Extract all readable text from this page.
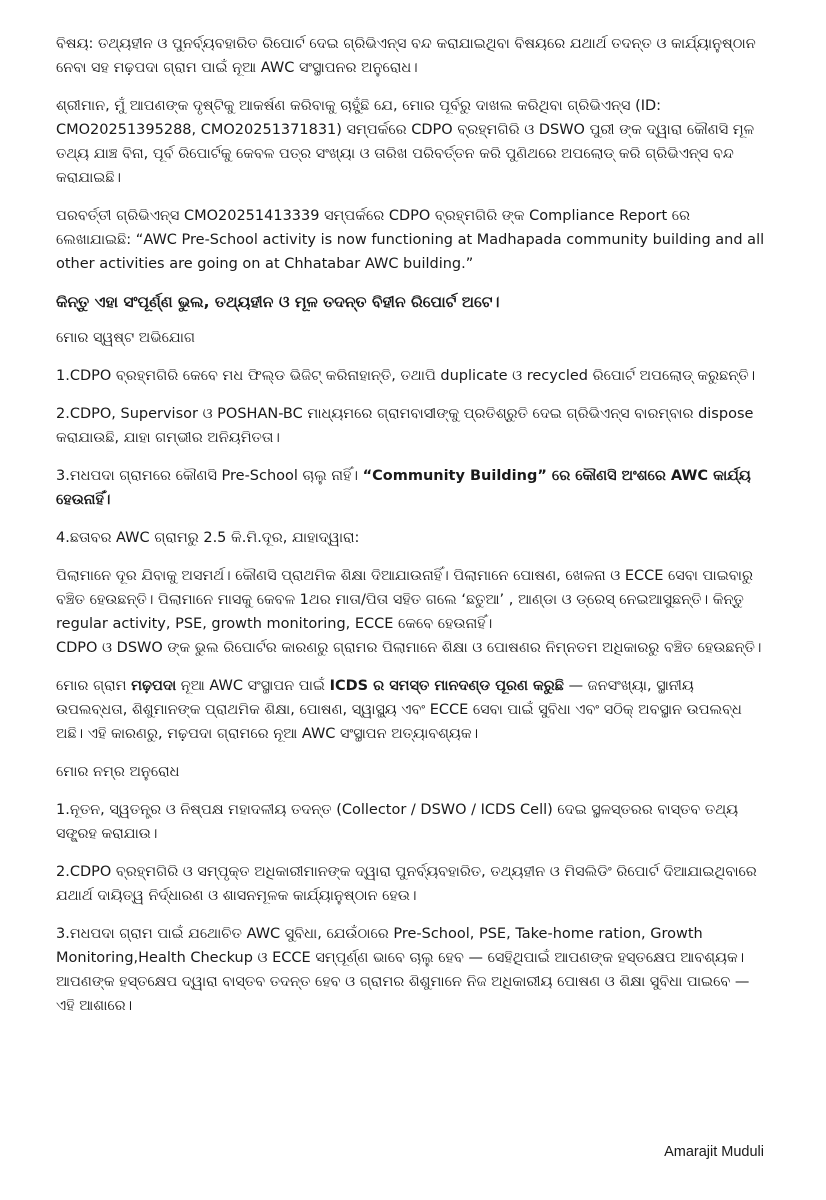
ବିଷୟ: ତଥ୍ୟହୀନ ଓ ପୁନର୍ବ୍ୟବହାରିତ ରିପୋର୍ଟ ଦେଇ ଗ୍ରିଭିଏନ୍ସ ବନ୍ଦ କରାଯାଇଥିବା ବିଷୟରେ ଯଥାର୍ଥ ତଦନ୍ତ ଓ କାର୍ଯ୍ୟାନୁଷ୍ଠାନ ନେବା ସହ ମଢ଼ପଦା ଗ୍ରାମ ପାଇଁ ନୂଆ AWC ସଂସ୍ଥାପନର ଅନୁରୋଧ।

ଶ୍ରୀମାନ, ମୁଁ ଆପଣଙ୍କ ଦୃଷ୍ଟିକୁ ଆକର୍ଷଣ କରିବାକୁ ଚାହୁଁଛି ଯେ, ମୋର ପୂର୍ବରୁ ଦାଖଲ କରିଥିବା ଗ୍ରିଭିଏନ୍ସ (ID: CMO20251395288, CMO20251371831) ସମ୍ପର୍କରେ CDPO ବ୍ରହ୍ମଗିରି ଓ DSWO ପୁରୀ ଙ୍କ ଦ୍ୱାରା କୌଣସି ମୂଳ ତଥ୍ୟ ଯାଞ୍ଚ ବିନା, ପୂର୍ବ ରିପୋର୍ଟକୁ କେବଳ ପତ୍ର ସଂଖ୍ୟା ଓ ତାରିଖ ପରିବର୍ତ୍ତନ କରି ପୁଣିଥରେ ଅପଲୋଡ୍ କରି ଗ୍ରିଭିଏନ୍ସ ବନ୍ଦ କରାଯାଇଛି।

ପରବର୍ତ୍ତୀ ଗ୍ରିଭିଏନ୍ସ CMO20251413339 ସମ୍ପର୍କରେ CDPO ବ୍ରହ୍ମଗିରି ଙ୍କ Compliance Report ରେ ଲେଖାଯାଇଛି: “AWC Pre-School activity is now functioning at Madhapada community building and all other activities are going on at Chhatabar AWC building.”

କିନ୍ତୁ ଏହା ସଂପୂର୍ଣ୍ଣ ଭୁଲ, ତଥ୍ୟହୀନ ଓ ମୂଳ ତଦନ୍ତ ବିହୀନ ରିପୋର୍ଟ ଅଟେ।

ମୋର ସ୍ୱଷ୍ଟ ଅଭିଯୋଗ

1.CDPO ବ୍ରହ୍ମଗିରି କେବେ ମଧ ଫିଲ୍ଡ ଭିଜିଟ୍ କରିନାହାନ୍ତି, ତଥାପି duplicate ଓ recycled ରିପୋର୍ଟ ଅପଲୋଡ୍ କରୁଛନ୍ତି।

2.CDPO, Supervisor ଓ POSHAN-BC ମାଧ୍ୟମରେ ଗ୍ରାମବାସୀଙ୍କୁ ପ୍ରତିଶ୍ରୁତି ଦେଇ ଗ୍ରିଭିଏନ୍ସ ବାରମ୍ବାର dispose କରାଯାଉଛି, ଯାହା ଗମ୍ଭୀର ଅନିୟମିତତା।

3.ମଧପଦା ଗ୍ରାମରେ କୌଣସି Pre-School ଚାଲୁ ନାହିଁ। “Community Building” ରେ କୌଣସି ଅଂଶରେ AWC କାର୍ଯ୍ୟ ହେଉନାହିଁ।

4.ଛତାବର AWC ଗ୍ରାମରୁ 2.5 କି.ମି.ଦୂର, ଯାହାଦ୍ୱାରା:

ପିଲାମାନେ ଦୂର ଯିବାକୁ ଅସମର୍ଥ। କୌଣସି ପ୍ରାଥମିକ ଶିକ୍ଷା ଦିଆଯାଉନାହିଁ। ପିଲାମାନେ ପୋଷଣ, ଖେଳନା ଓ ECCE ସେବା ପାଇବାରୁ ବଞ୍ଚିତ ହେଉଛନ୍ତି। ପିଲାମାନେ ମାସକୁ କେବଳ 1ଥର ମାତା/ପିତା ସହିତ ଗଲେ ‘ଛତୁଆ’ , ଆଣ୍ଡା ଓ ଡ୍ରେସ୍ ନେଇଆସୁଛନ୍ତି। କିନ୍ତୁ regular activity, PSE, growth monitoring, ECCE କେବେ ହେଉନାହିଁ।

CDPO ଓ DSWO ଙ୍କ ଭୁଲ ରିପୋର୍ଟର କାରଣରୁ ଗ୍ରାମର ପିଲାମାନେ ଶିକ୍ଷା ଓ ପୋଷଣର ନିମ୍ନତମ ଅଧିକାରରୁ ବଞ୍ଚିତ ହେଉଛନ୍ତି।

ମୋର ଗ୍ରାମ ମଢ଼ପଦା ନୂଆ AWC ସଂସ୍ଥାପନ ପାଇଁ ICDS ର ସମସ୍ତ ମାନଦଣ୍ଡ ପୂରଣ କରୁଛି — ଜନସଂଖ୍ୟା, ସ୍ଥାନୀୟ ଉପଲବ୍ଧତା, ଶିଶୁମାନଙ୍କ ପ୍ରାଥମିକ ଶିକ୍ଷା, ପୋଷଣ, ସ୍ୱାସ୍ଥ୍ୟ ଏବଂ ECCE ସେବା ପାଇଁ ସୁବିଧା ଏବଂ ସଠିକ୍ ଅବସ୍ଥାନ ଉପଲବ୍ଧ ଅଛି। ଏହି କାରଣରୁ, ମଢ଼ପଦା ଗ୍ରାମରେ ନୂଆ AWC ସଂସ୍ଥାପନ ଅତ୍ୟାବଶ୍ୟକ।

ମୋର ନମ୍ର ଅନୁରୋଧ

1.ନୂତନ, ସ୍ୱତନ୍ତ୍ର ଓ ନିଷ୍ପକ୍ଷ ମହାଦଳୀୟ ତଦନ୍ତ (Collector / DSWO / ICDS Cell) ଦେଇ ସ୍ଥଳସ୍ତରର ବାସ୍ତବ ତଥ୍ୟ ସଙ୍ଗ୍ରହ କରାଯାଉ।

2.CDPO ବ୍ରହ୍ମଗିରି ଓ ସମ୍ପୃକ୍ତ ଅଧିକାରୀମାନଙ୍କ ଦ୍ୱାରା ପୁନର୍ବ୍ୟବହାରିତ, ତଥ୍ୟହୀନ ଓ ମିସଲିଡିଂ ରିପୋର୍ଟ ଦିଆଯାଇଥିବାରେ ଯଥାର୍ଥ ଦାୟିତ୍ୱ ନିର୍ଦ୍ଧାରଣ ଓ ଶାସନମୂଳକ କାର୍ଯ୍ୟାନୁଷ୍ଠାନ ହେଉ।

3.ମଧପଦା ଗ୍ରାମ ପାଇଁ ଯଥୋଚିତ AWC ସୁବିଧା, ଯେଉଁଠାରେ Pre-School, PSE, Take-home ration, Growth Monitoring,Health Checkup ଓ ECCE ସମ୍ପୂର୍ଣ୍ଣ ଭାବେ ଚାଲୁ ହେବ — ସେହିଥିପାଇଁ ଆପଣଙ୍କ ହସ୍ତକ୍ଷେପ ଆବଶ୍ୟକ।

ଆପଣଙ୍କ ହସ୍ତକ୍ଷେପ ଦ୍ୱାରା ବାସ୍ତବ ତଦନ୍ତ ହେବ ଓ ଗ୍ରାମର ଶିଶୁମାନେ ନିଜ ଅଧିକାରୀୟ ପୋଷଣ ଓ ଶିକ୍ଷା ସୁବିଧା ପାଇବେ — ଏହି ଆଶାରେ।

Amarajit Muduli
